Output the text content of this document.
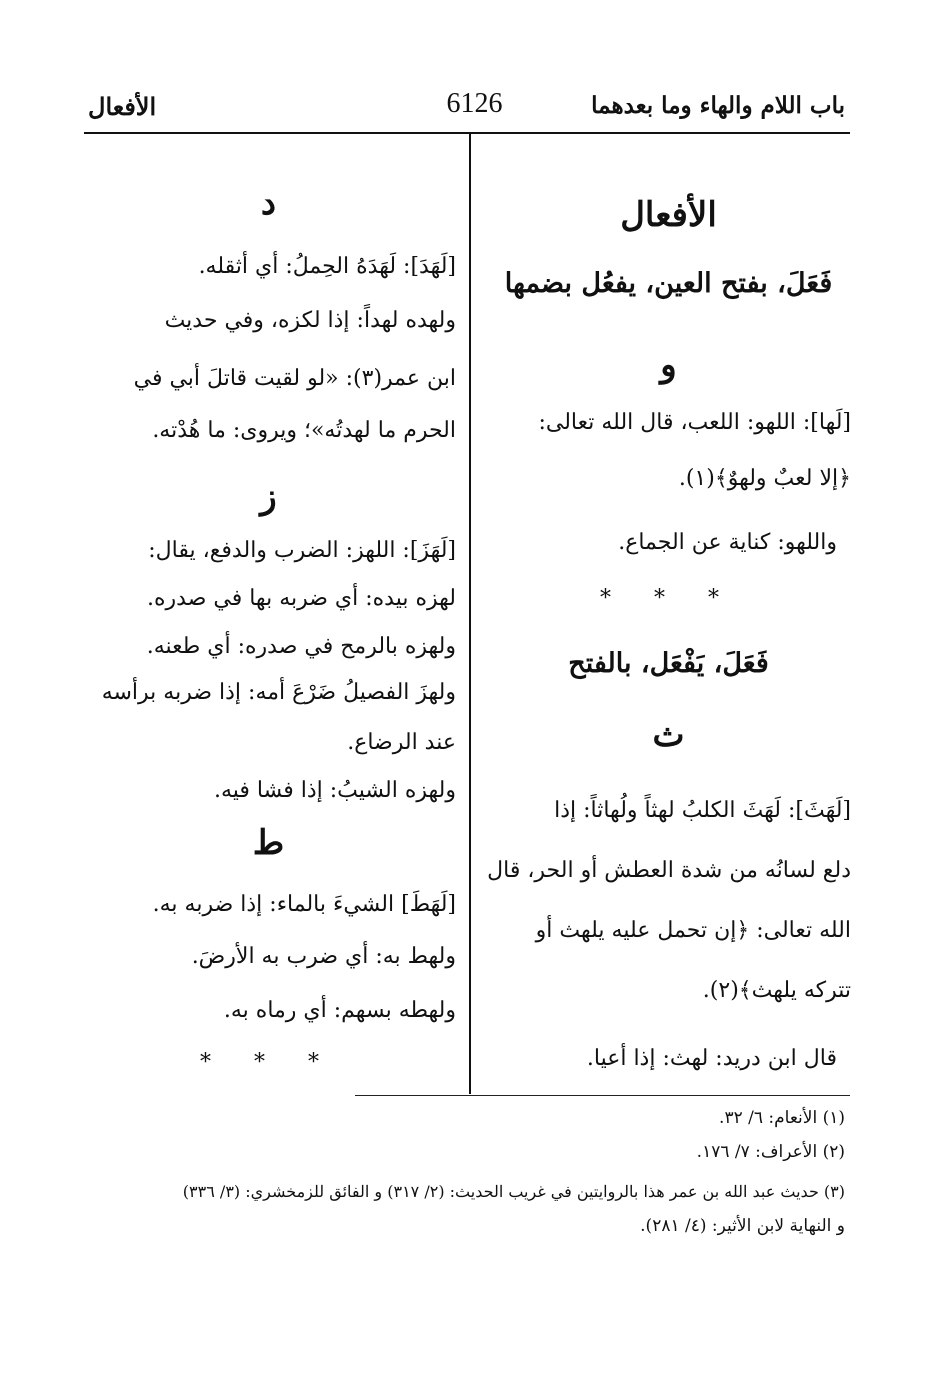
باب اللام والهاء وما بعدهما
6126
الأفعال
الأفعال
فَعَلَ، بفتح العين، يفعُل بضمها
و
[لَها]: اللهو: اللعب، قال الله تعالى:
﴿إلا لعبٌ ولهوٌ﴾(١).
واللهو: كناية عن الجماع.
* * *
فَعَلَ، يَفْعَل، بالفتح
ث
[لَهَثَ]: لَهَثَ الكلبُ لهثاً ولُهاثاً: إذا
دلع لسانُه من شدة العطش أو الحر، قال
الله تعالى: ﴿إن تحمل عليه يلهث أو
تتركه يلهث﴾(٢).
قال ابن دريد: لهث: إذا أعيا.
د
[لَهَدَ]: لَهَدَهُ الحِملُ: أي أثقله.
ولهده لهداً: إذا لكزه، وفي حديث
ابن عمر(٣): «لو لقيت قاتلَ أبي في
الحرم ما لهدتُه»؛ ويروى: ما هُدْته.
ز
[لَهَزَ]: اللهز: الضرب والدفع، يقال:
لهزه بيده: أي ضربه بها في صدره.
ولهزه بالرمح في صدره: أي طعنه.
ولهزَ الفصيلُ ضَرْعَ أمه: إذا ضربه برأسه
عند الرضاع.
ولهزه الشيبُ: إذا فشا فيه.
ط
[لَهَطَ] الشيءَ بالماء: إذا ضربه به.
ولهط به: أي ضرب به الأرضَ.
ولهطه بسهم: أي رماه به.
* * *
(١) الأنعام: ٦/ ٣٢.
(٢) الأعراف: ٧/ ١٧٦.
(٣) حديث عبد الله بن عمر هذا بالروايتين في غريب الحديث: (٢/ ٣١٧) و الفائق للزمخشري: (٣/ ٣٣٦)
و النهاية لابن الأثير: (٤/ ٢٨١).
